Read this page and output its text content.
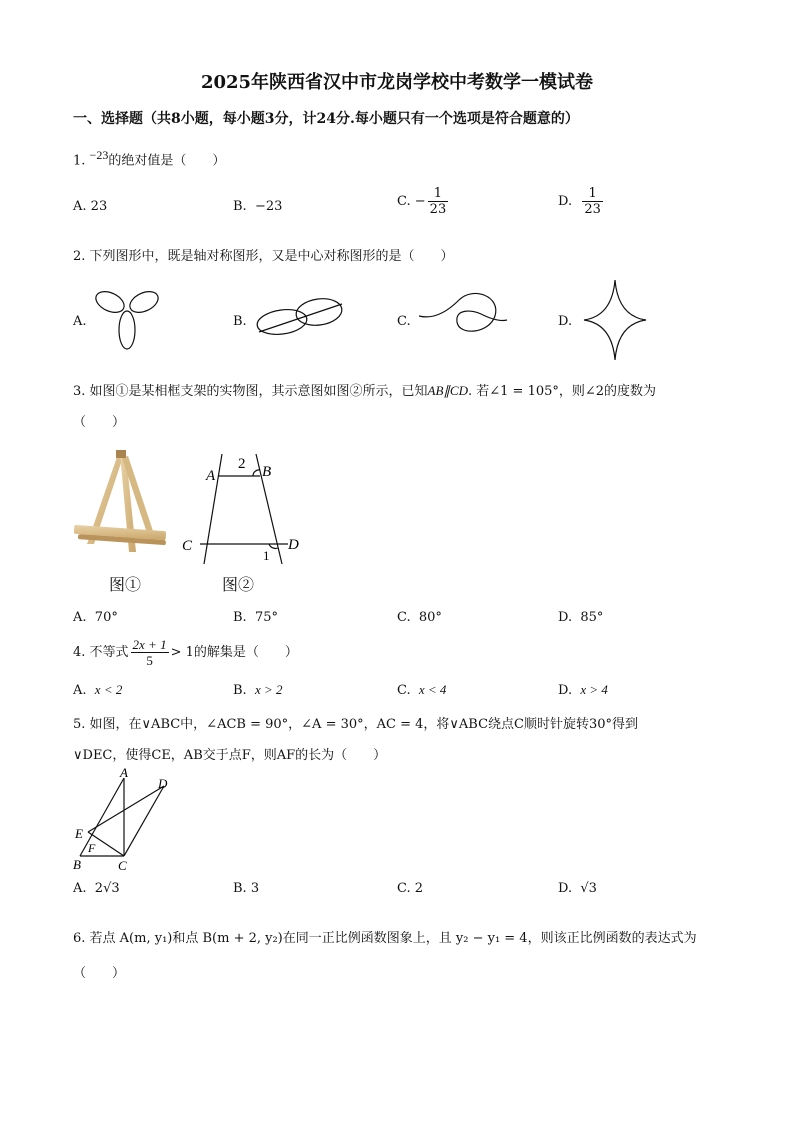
2025年陕西省汉中市龙岗学校中考数学一模试卷
一、选择题（共8小题，每小题3分，计24分.每小题只有一个选项是符合题意的）
1. $^{-23}$的绝对值是（　　）
A. 23	B. −23	C. − $\frac{1}{23}$	D. $\frac{1}{23}$
2. 下列图形中，既是轴对称图形，又是中心对称图形的是（　　）
A.	B.	C.	D.
3. 如图①是某相框支架的实物图，其示意图如图②所示，已知AB∥CD. 若∠1 = 105°，则∠2的度数为
（　　）
图①
A	B
2
C	D
1
图②
A. 70°	B. 75°	C. 80°	D. 85°
4. 不等式 $\frac{2x + 1}{5} > 1$的解集是（　　）
A. x < 2	B. x > 2	C. x < 4	D. x > 4
5. 如图，在∨ABC中，∠ACB = 90°，∠A = 30°，AC = 4，将∨ABC绕点C顺时针旋转30°得到
∨DEC，使得CE，AB交于点F，则AF的长为（　　）
A
D
E
F
B	C
A. 2√3	B. 3	C. 2	D. √3
6. 若点 A(m, y₁)和点 B(m + 2, y₂)在同一正比例函数图象上，且 y₂ − y₁ = 4，则该正比例函数的表达式为
（　　）
